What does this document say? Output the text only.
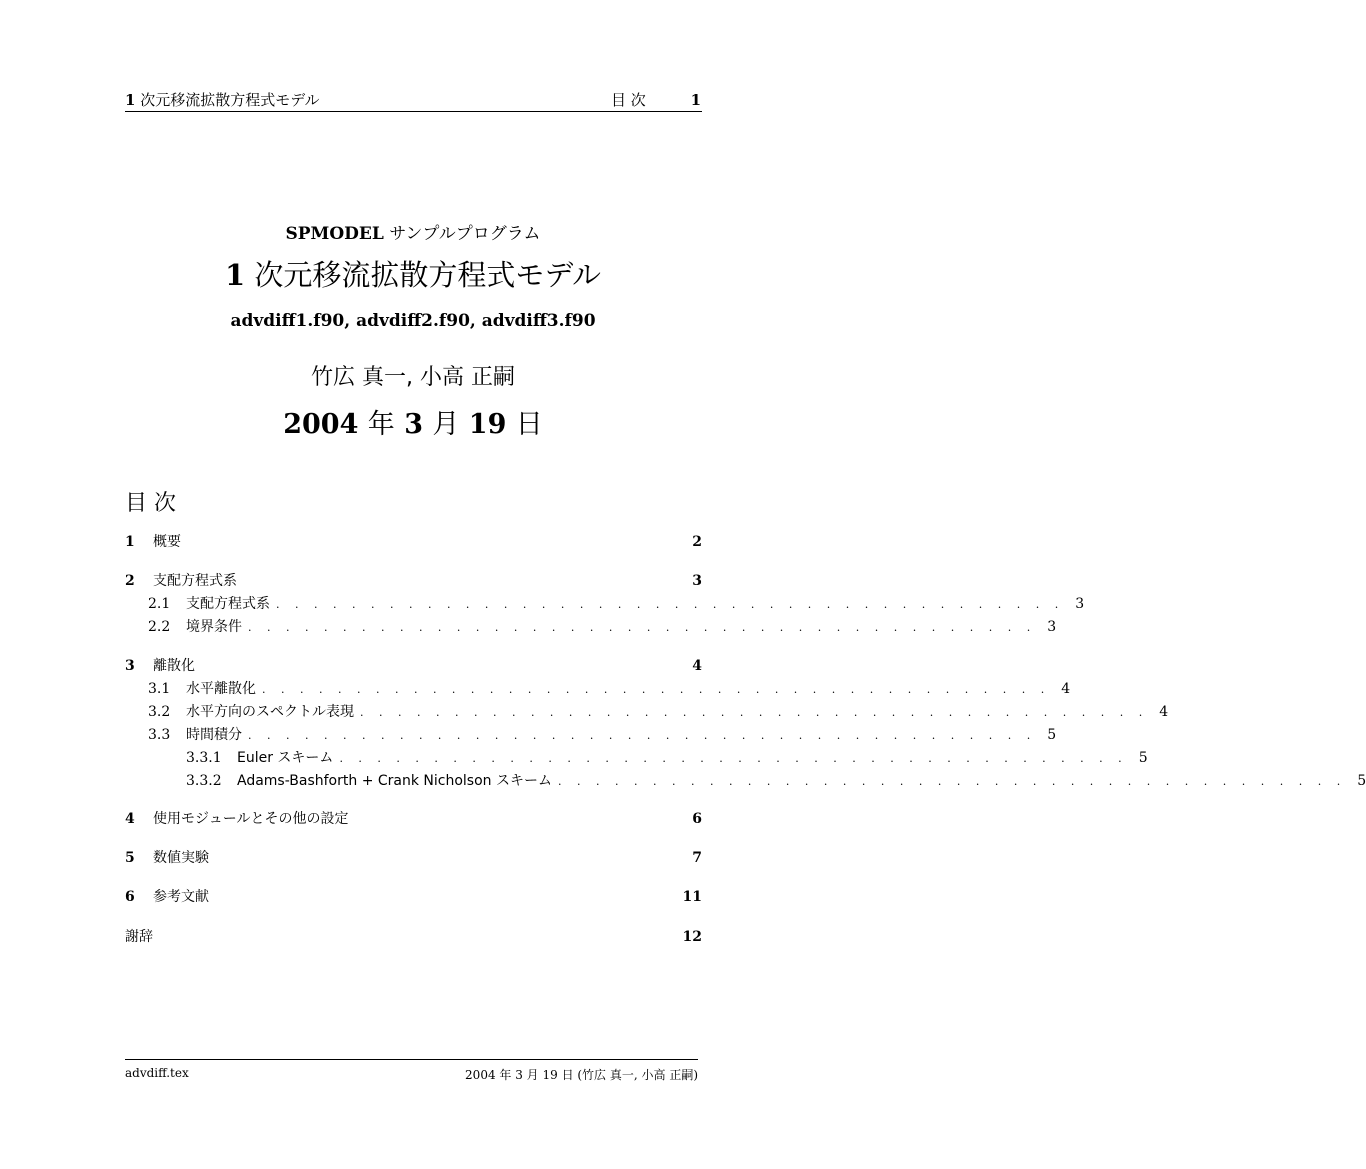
1 次元移流拡散方程式モデル	目 次	1
SPMODEL サンプルプログラム
1 次元移流拡散方程式モデル
advdiff1.f90, advdiff2.f90, advdiff3.f90
竹広 真一, 小高 正嗣
2004 年 3 月 19 日
目 次
1	概要	2
2	支配方程式系	3
2.1	支配方程式系 . . . . . . . . . . . . . . . . . . . . . . . . . . . . . . . . . . . . . . . . . . 3
2.2	境界条件 . . . . . . . . . . . . . . . . . . . . . . . . . . . . . . . . . . . . . . . . . . 3
3	離散化	4
3.1	水平離散化 . . . . . . . . . . . . . . . . . . . . . . . . . . . . . . . . . . . . . . . . . . 4
3.2	水平方向のスペクトル表現 . . . . . . . . . . . . . . . . . . . . . . . . . . . . . . . . . . . . . . . . . . 4
3.3	時間積分 . . . . . . . . . . . . . . . . . . . . . . . . . . . . . . . . . . . . . . . . . . 5
3.3.1	Euler スキーム . . . . . . . . . . . . . . . . . . . . . . . . . . . . . . . . . . . . . . . . . . 5
3.3.2	Adams-Bashforth + Crank Nicholson スキーム . . . . . . . . . . . . . . . . . . . . . . . . . . . . . . . . . . . . . . . . . . 5
4	使用モジュールとその他の設定	6
5	数値実験	7
6	参考文献	11
謝辞	12
advdiff.tex	2004 年 3 月 19 日 (竹広 真一, 小高 正嗣)
